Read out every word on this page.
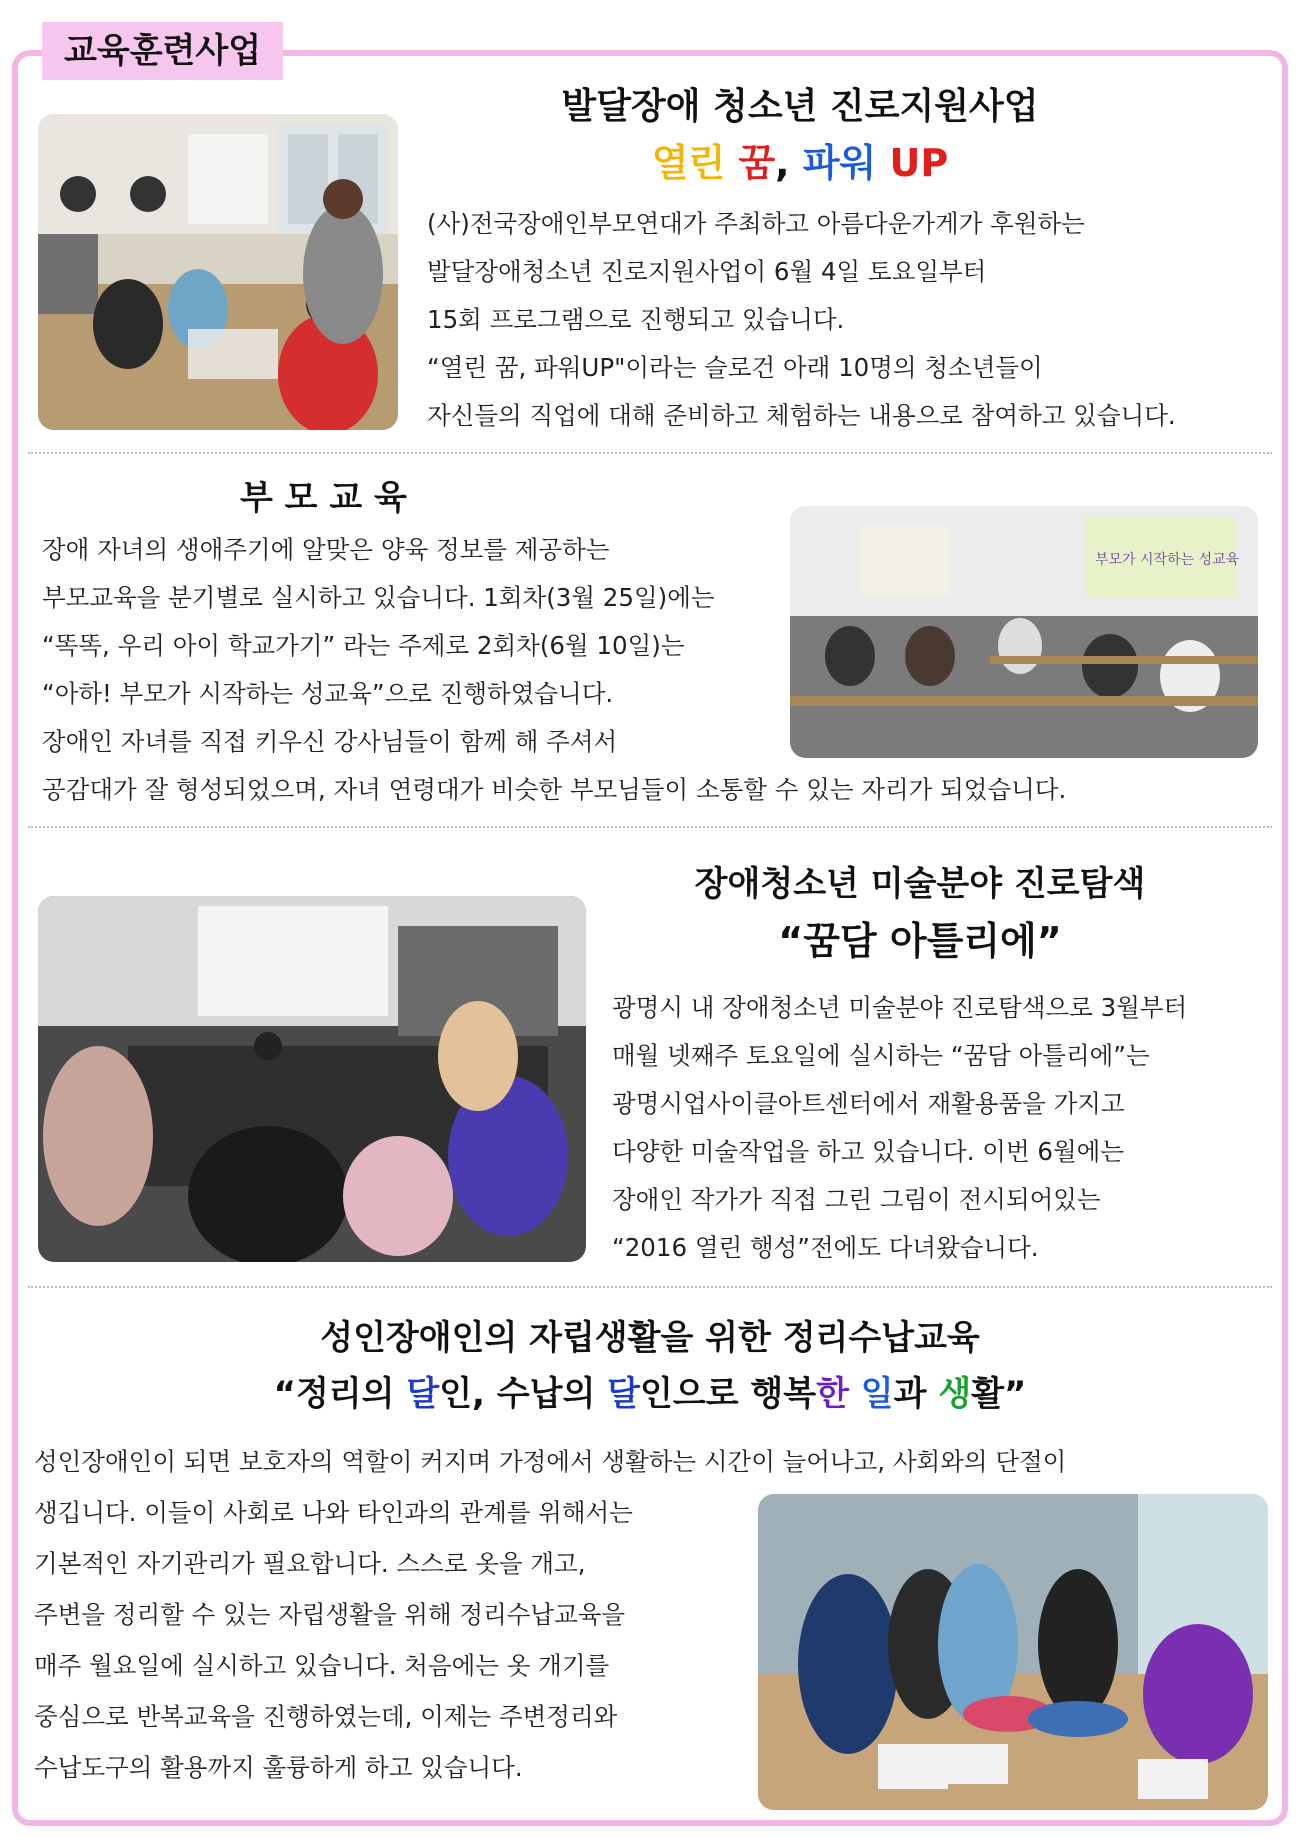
교육훈련사업
발달장애 청소년 진로지원사업
열린 꿈, 파워 UP
(사)전국장애인부모연대가 주최하고 아름다운가게가 후원하는
발달장애청소년 진로지원사업이 6월 4일 토요일부터
15회 프로그램으로 진행되고 있습니다.
“열린 꿈, 파워UP"이라는 슬로건 아래 10명의 청소년들이
자신들의 직업에 대해 준비하고 체험하는 내용으로 참여하고 있습니다.
부 모 교 육
부모가 시작하는 성교육
장애 자녀의 생애주기에 알맞은 양육 정보를 제공하는
부모교육을 분기별로 실시하고 있습니다. 1회차(3월 25일)에는
“똑똑, 우리 아이 학교가기” 라는 주제로 2회차(6월 10일)는
“아하! 부모가 시작하는 성교육”으로 진행하였습니다.
장애인 자녀를 직접 키우신 강사님들이 함께 해 주셔서
공감대가 잘 형성되었으며, 자녀 연령대가 비슷한 부모님들이 소통할 수 있는 자리가 되었습니다.
장애청소년 미술분야 진로탐색
“꿈담 아틀리에”
광명시 내 장애청소년 미술분야 진로탐색으로 3월부터
매월 넷째주 토요일에 실시하는 “꿈담 아틀리에”는
광명시업사이클아트센터에서 재활용품을 가지고
다양한 미술작업을 하고 있습니다. 이번 6월에는
장애인 작가가 직접 그린 그림이 전시되어있는
“2016 열린 행성”전에도 다녀왔습니다.
성인장애인의 자립생활을 위한 정리수납교육
“정리의 달인, 수납의 달인으로 행복한 일과 생활”
성인장애인이 되면 보호자의 역할이 커지며 가정에서 생활하는 시간이 늘어나고, 사회와의 단절이
생깁니다. 이들이 사회로 나와 타인과의 관계를 위해서는
기본적인 자기관리가 필요합니다. 스스로 옷을 개고,
주변을 정리할 수 있는 자립생활을 위해 정리수납교육을
매주 월요일에 실시하고 있습니다. 처음에는 옷 개기를
중심으로 반복교육을 진행하였는데, 이제는 주변정리와
수납도구의 활용까지 훌륭하게 하고 있습니다.
